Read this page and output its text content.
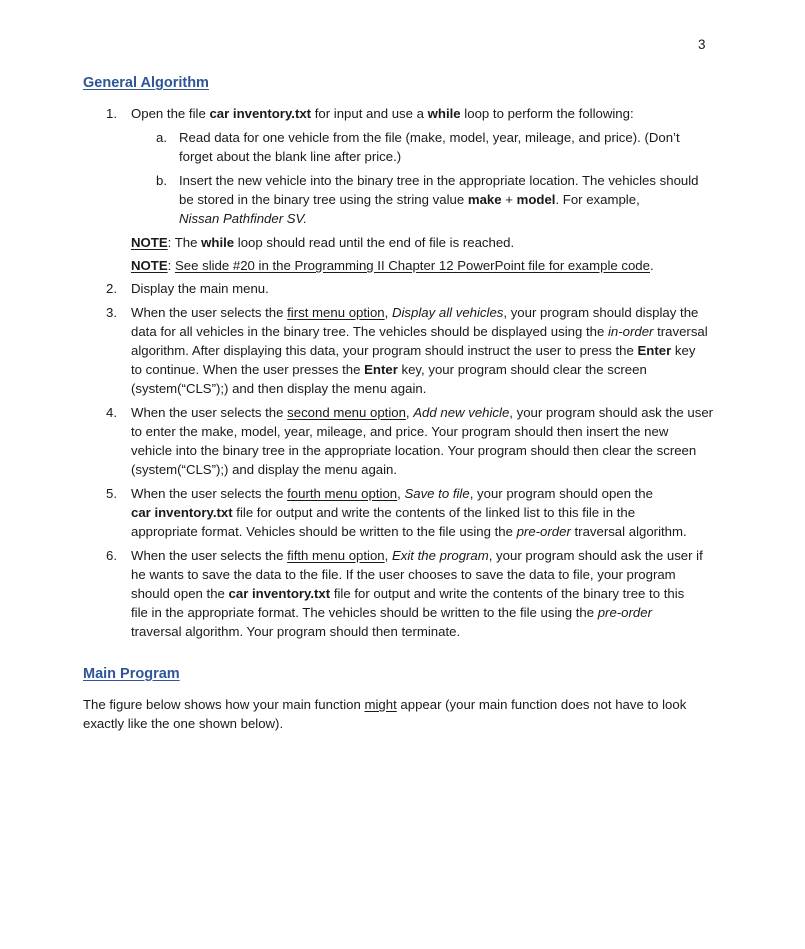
3
General Algorithm
1. Open the file car inventory.txt for input and use a while loop to perform the following:
a. Read data for one vehicle from the file (make, model, year, mileage, and price). (Don’t
forget about the blank line after price.)
b. Insert the new vehicle into the binary tree in the appropriate location. The vehicles should
be stored in the binary tree using the string value make + model. For example,
Nissan Pathfinder SV.
NOTE: The while loop should read until the end of file is reached.
NOTE: See slide #20 in the Programming II Chapter 12 PowerPoint file for example code.
2. Display the main menu.
3. When the user selects the first menu option, Display all vehicles, your program should display the
data for all vehicles in the binary tree. The vehicles should be displayed using the in-order traversal
algorithm. After displaying this data, your program should instruct the user to press the Enter key
to continue. When the user presses the Enter key, your program should clear the screen
(system(“CLS”);) and then display the menu again.
4. When the user selects the second menu option, Add new vehicle, your program should ask the user
to enter the make, model, year, mileage, and price. Your program should then insert the new
vehicle into the binary tree in the appropriate location. Your program should then clear the screen
(system(“CLS”);) and display the menu again.
5. When the user selects the fourth menu option, Save to file, your program should open the
car inventory.txt file for output and write the contents of the linked list to this file in the
appropriate format. Vehicles should be written to the file using the pre-order traversal algorithm.
6. When the user selects the fifth menu option, Exit the program, your program should ask the user if
he wants to save the data to the file. If the user chooses to save the data to file, your program
should open the car inventory.txt file for output and write the contents of the binary tree to this
file in the appropriate format. The vehicles should be written to the file using the pre-order
traversal algorithm. Your program should then terminate.
Main Program
The figure below shows how your main function might appear (your main function does not have to look
exactly like the one shown below).
